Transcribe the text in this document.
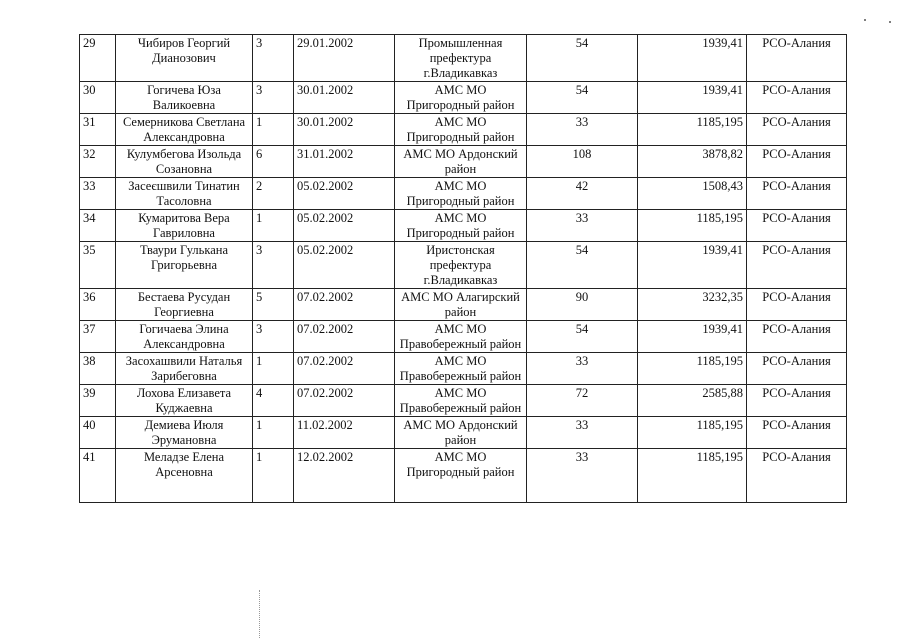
29	Чибиров Георгий Дианозович	3	29.01.2002	Промышленная префектура г.Владикавказ	54	1939,41	РСО-Алания
30	Гогичева Юза Валикоевна	3	30.01.2002	АМС МО Пригородный район	54	1939,41	РСО-Алания
31	Семерникова Светлана Александровна	1	30.01.2002	АМС МО Пригородный район	33	1185,195	РСО-Алания
32	Кулумбегова Изольда Созановна	6	31.01.2002	АМС МО Ардонский район	108	3878,82	РСО-Алания
33	Засеєшвили Тинатин Тасоловна	2	05.02.2002	АМС МО Пригородный район	42	1508,43	РСО-Алания
34	Кумаритова Вера Гавриловна	1	05.02.2002	АМС МО Пригородный район	33	1185,195	РСО-Алания
35	Тваури Гулькана Григорьевна	3	05.02.2002	Иристонская префектура г.Владикавказ	54	1939,41	РСО-Алания
36	Бестаева Русудан Георгиевна	5	07.02.2002	АМС МО Алагирский район	90	3232,35	РСО-Алания
37	Гогичаева Элина Александровна	3	07.02.2002	АМС МО Правобережный район	54	1939,41	РСО-Алания
38	Засохашвили Наталья Зарибеговна	1	07.02.2002	АМС МО Правобережный район	33	1185,195	РСО-Алания
39	Лохова Елизавета Куджаевна	4	07.02.2002	АМС МО Правобережный район	72	2585,88	РСО-Алания
40	Демиева Июля Эрумановна	1	11.02.2002	АМС МО Ардонский район	33	1185,195	РСО-Алания
41	Меладзе Елена Арсеновна	1	12.02.2002	АМС МО Пригородный район	33	1185,195	РСО-Алания
